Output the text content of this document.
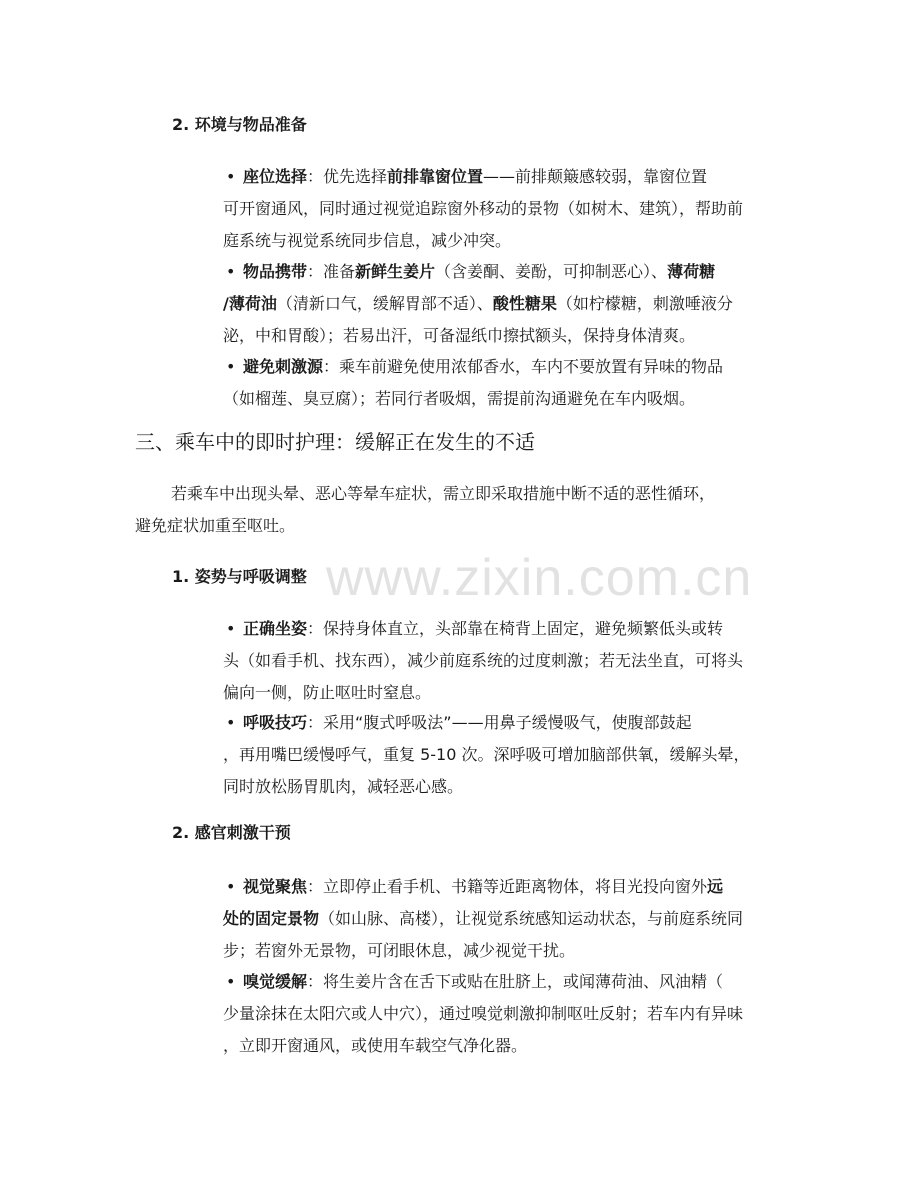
2. 环境与物品准备

• 座位选择：优先选择前排靠窗位置——前排颠簸感较弱，靠窗位置
可开窗通风，同时通过视觉追踪窗外移动的景物（如树木、建筑），帮助前
庭系统与视觉系统同步信息，减少冲突。

• 物品携带：准备新鲜生姜片（含姜酮、姜酚，可抑制恶心）、薄荷糖
/薄荷油（清新口气，缓解胃部不适）、酸性糖果（如柠檬糖，刺激唾液分
泌，中和胃酸）；若易出汗，可备湿纸巾擦拭额头，保持身体清爽。

• 避免刺激源：乘车前避免使用浓郁香水，车内不要放置有异味的物品
（如榴莲、臭豆腐）；若同行者吸烟，需提前沟通避免在车内吸烟。

三、乘车中的即时护理：缓解正在发生的不适

若乘车中出现头晕、恶心等晕车症状，需立即采取措施中断不适的恶性循环，
避免症状加重至呕吐。

1. 姿势与呼吸调整

• 正确坐姿：保持身体直立，头部靠在椅背上固定，避免频繁低头或转
头（如看手机、找东西），减少前庭系统的过度刺激；若无法坐直，可将头
偏向一侧，防止呕吐时窒息。

• 呼吸技巧：采用“腹式呼吸法”——用鼻子缓慢吸气，使腹部鼓起
，再用嘴巴缓慢呼气，重复 5-10 次。深呼吸可增加脑部供氧，缓解头晕，
同时放松肠胃肌肉，减轻恶心感。

2. 感官刺激干预

• 视觉聚焦：立即停止看手机、书籍等近距离物体，将目光投向窗外远
处的固定景物（如山脉、高楼），让视觉系统感知运动状态，与前庭系统同
步；若窗外无景物，可闭眼休息，减少视觉干扰。

• 嗅觉缓解：将生姜片含在舌下或贴在肚脐上，或闻薄荷油、风油精（
少量涂抹在太阳穴或人中穴），通过嗅觉刺激抑制呕吐反射；若车内有异味
，立即开窗通风，或使用车载空气净化器。

www.zixin.com.cn
